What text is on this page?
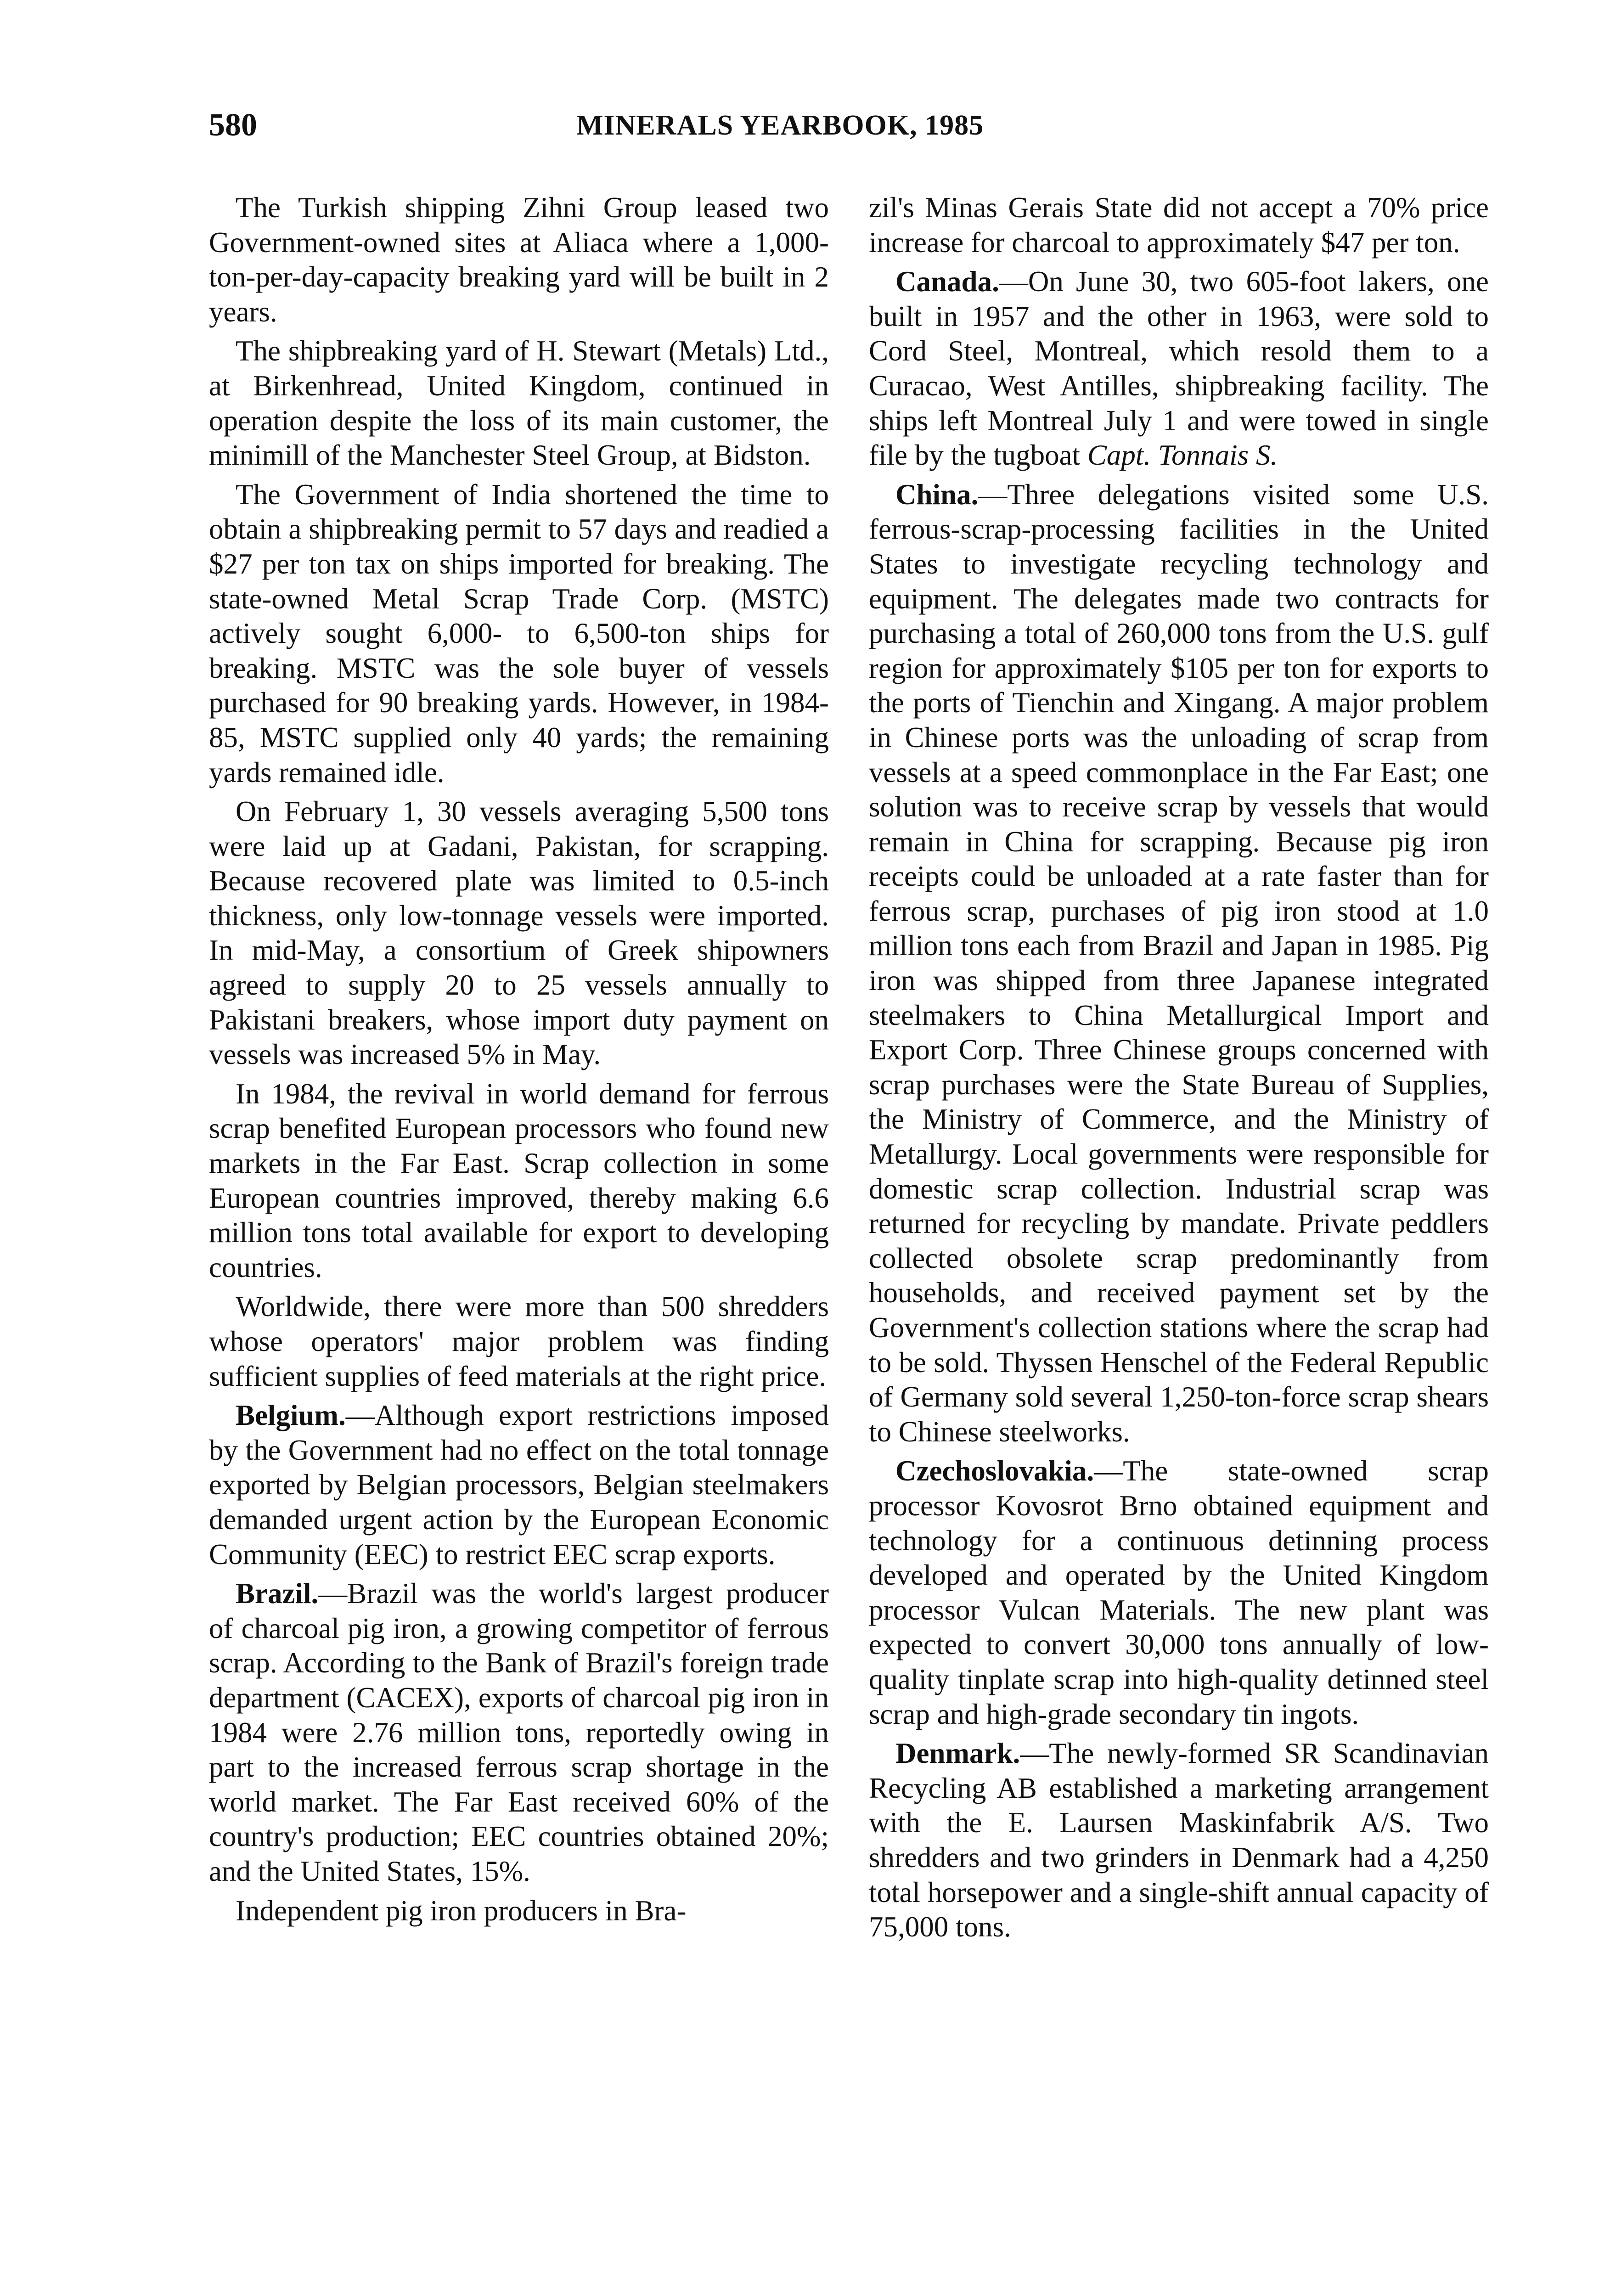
580	MINERALS YEARBOOK, 1985

The Turkish shipping Zihni Group leased two Government-owned sites at Aliaca where a 1,000-ton-per-day-capacity breaking yard will be built in 2 years.

The shipbreaking yard of H. Stewart (Metals) Ltd., at Birkenhread, United Kingdom, continued in operation despite the loss of its main customer, the minimill of the Manchester Steel Group, at Bidston.

The Government of India shortened the time to obtain a shipbreaking permit to 57 days and readied a $27 per ton tax on ships imported for breaking. The state-owned Metal Scrap Trade Corp. (MSTC) actively sought 6,000- to 6,500-ton ships for breaking. MSTC was the sole buyer of vessels purchased for 90 breaking yards. However, in 1984-85, MSTC supplied only 40 yards; the remaining yards remained idle.

On February 1, 30 vessels averaging 5,500 tons were laid up at Gadani, Pakistan, for scrapping. Because recovered plate was limited to 0.5-inch thickness, only low-tonnage vessels were imported. In mid-May, a consortium of Greek shipowners agreed to supply 20 to 25 vessels annually to Pakistani breakers, whose import duty payment on vessels was increased 5% in May.

In 1984, the revival in world demand for ferrous scrap benefited European processors who found new markets in the Far East. Scrap collection in some European countries improved, thereby making 6.6 million tons total available for export to developing countries.

Worldwide, there were more than 500 shredders whose operators' major problem was finding sufficient supplies of feed materials at the right price.

Belgium.—Although export restrictions imposed by the Government had no effect on the total tonnage exported by Belgian processors, Belgian steelmakers demanded urgent action by the European Economic Community (EEC) to restrict EEC scrap exports.

Brazil.—Brazil was the world's largest producer of charcoal pig iron, a growing competitor of ferrous scrap. According to the Bank of Brazil's foreign trade department (CACEX), exports of charcoal pig iron in 1984 were 2.76 million tons, reportedly owing in part to the increased ferrous scrap shortage in the world market. The Far East received 60% of the country's production; EEC countries obtained 20%; and the United States, 15%.

Independent pig iron producers in Bra-

zil's Minas Gerais State did not accept a 70% price increase for charcoal to approximately $47 per ton.

Canada.—On June 30, two 605-foot lakers, one built in 1957 and the other in 1963, were sold to Cord Steel, Montreal, which resold them to a Curacao, West Antilles, shipbreaking facility. The ships left Montreal July 1 and were towed in single file by the tugboat Capt. Tonnais S.

China.—Three delegations visited some U.S. ferrous-scrap-processing facilities in the United States to investigate recycling technology and equipment. The delegates made two contracts for purchasing a total of 260,000 tons from the U.S. gulf region for approximately $105 per ton for exports to the ports of Tienchin and Xingang. A major problem in Chinese ports was the unloading of scrap from vessels at a speed commonplace in the Far East; one solution was to receive scrap by vessels that would remain in China for scrapping. Because pig iron receipts could be unloaded at a rate faster than for ferrous scrap, purchases of pig iron stood at 1.0 million tons each from Brazil and Japan in 1985. Pig iron was shipped from three Japanese integrated steelmakers to China Metallurgical Import and Export Corp. Three Chinese groups concerned with scrap purchases were the State Bureau of Supplies, the Ministry of Commerce, and the Ministry of Metallurgy. Local governments were responsible for domestic scrap collection. Industrial scrap was returned for recycling by mandate. Private peddlers collected obsolete scrap predominantly from households, and received payment set by the Government's collection stations where the scrap had to be sold. Thyssen Henschel of the Federal Republic of Germany sold several 1,250-ton-force scrap shears to Chinese steelworks.

Czechoslovakia.—The state-owned scrap processor Kovosrot Brno obtained equipment and technology for a continuous detinning process developed and operated by the United Kingdom processor Vulcan Materials. The new plant was expected to convert 30,000 tons annually of low-quality tinplate scrap into high-quality detinned steel scrap and high-grade secondary tin ingots.

Denmark.—The newly-formed SR Scandinavian Recycling AB established a marketing arrangement with the E. Laursen Maskinfabrik A/S. Two shredders and two grinders in Denmark had a 4,250 total horsepower and a single-shift annual capacity of 75,000 tons.
